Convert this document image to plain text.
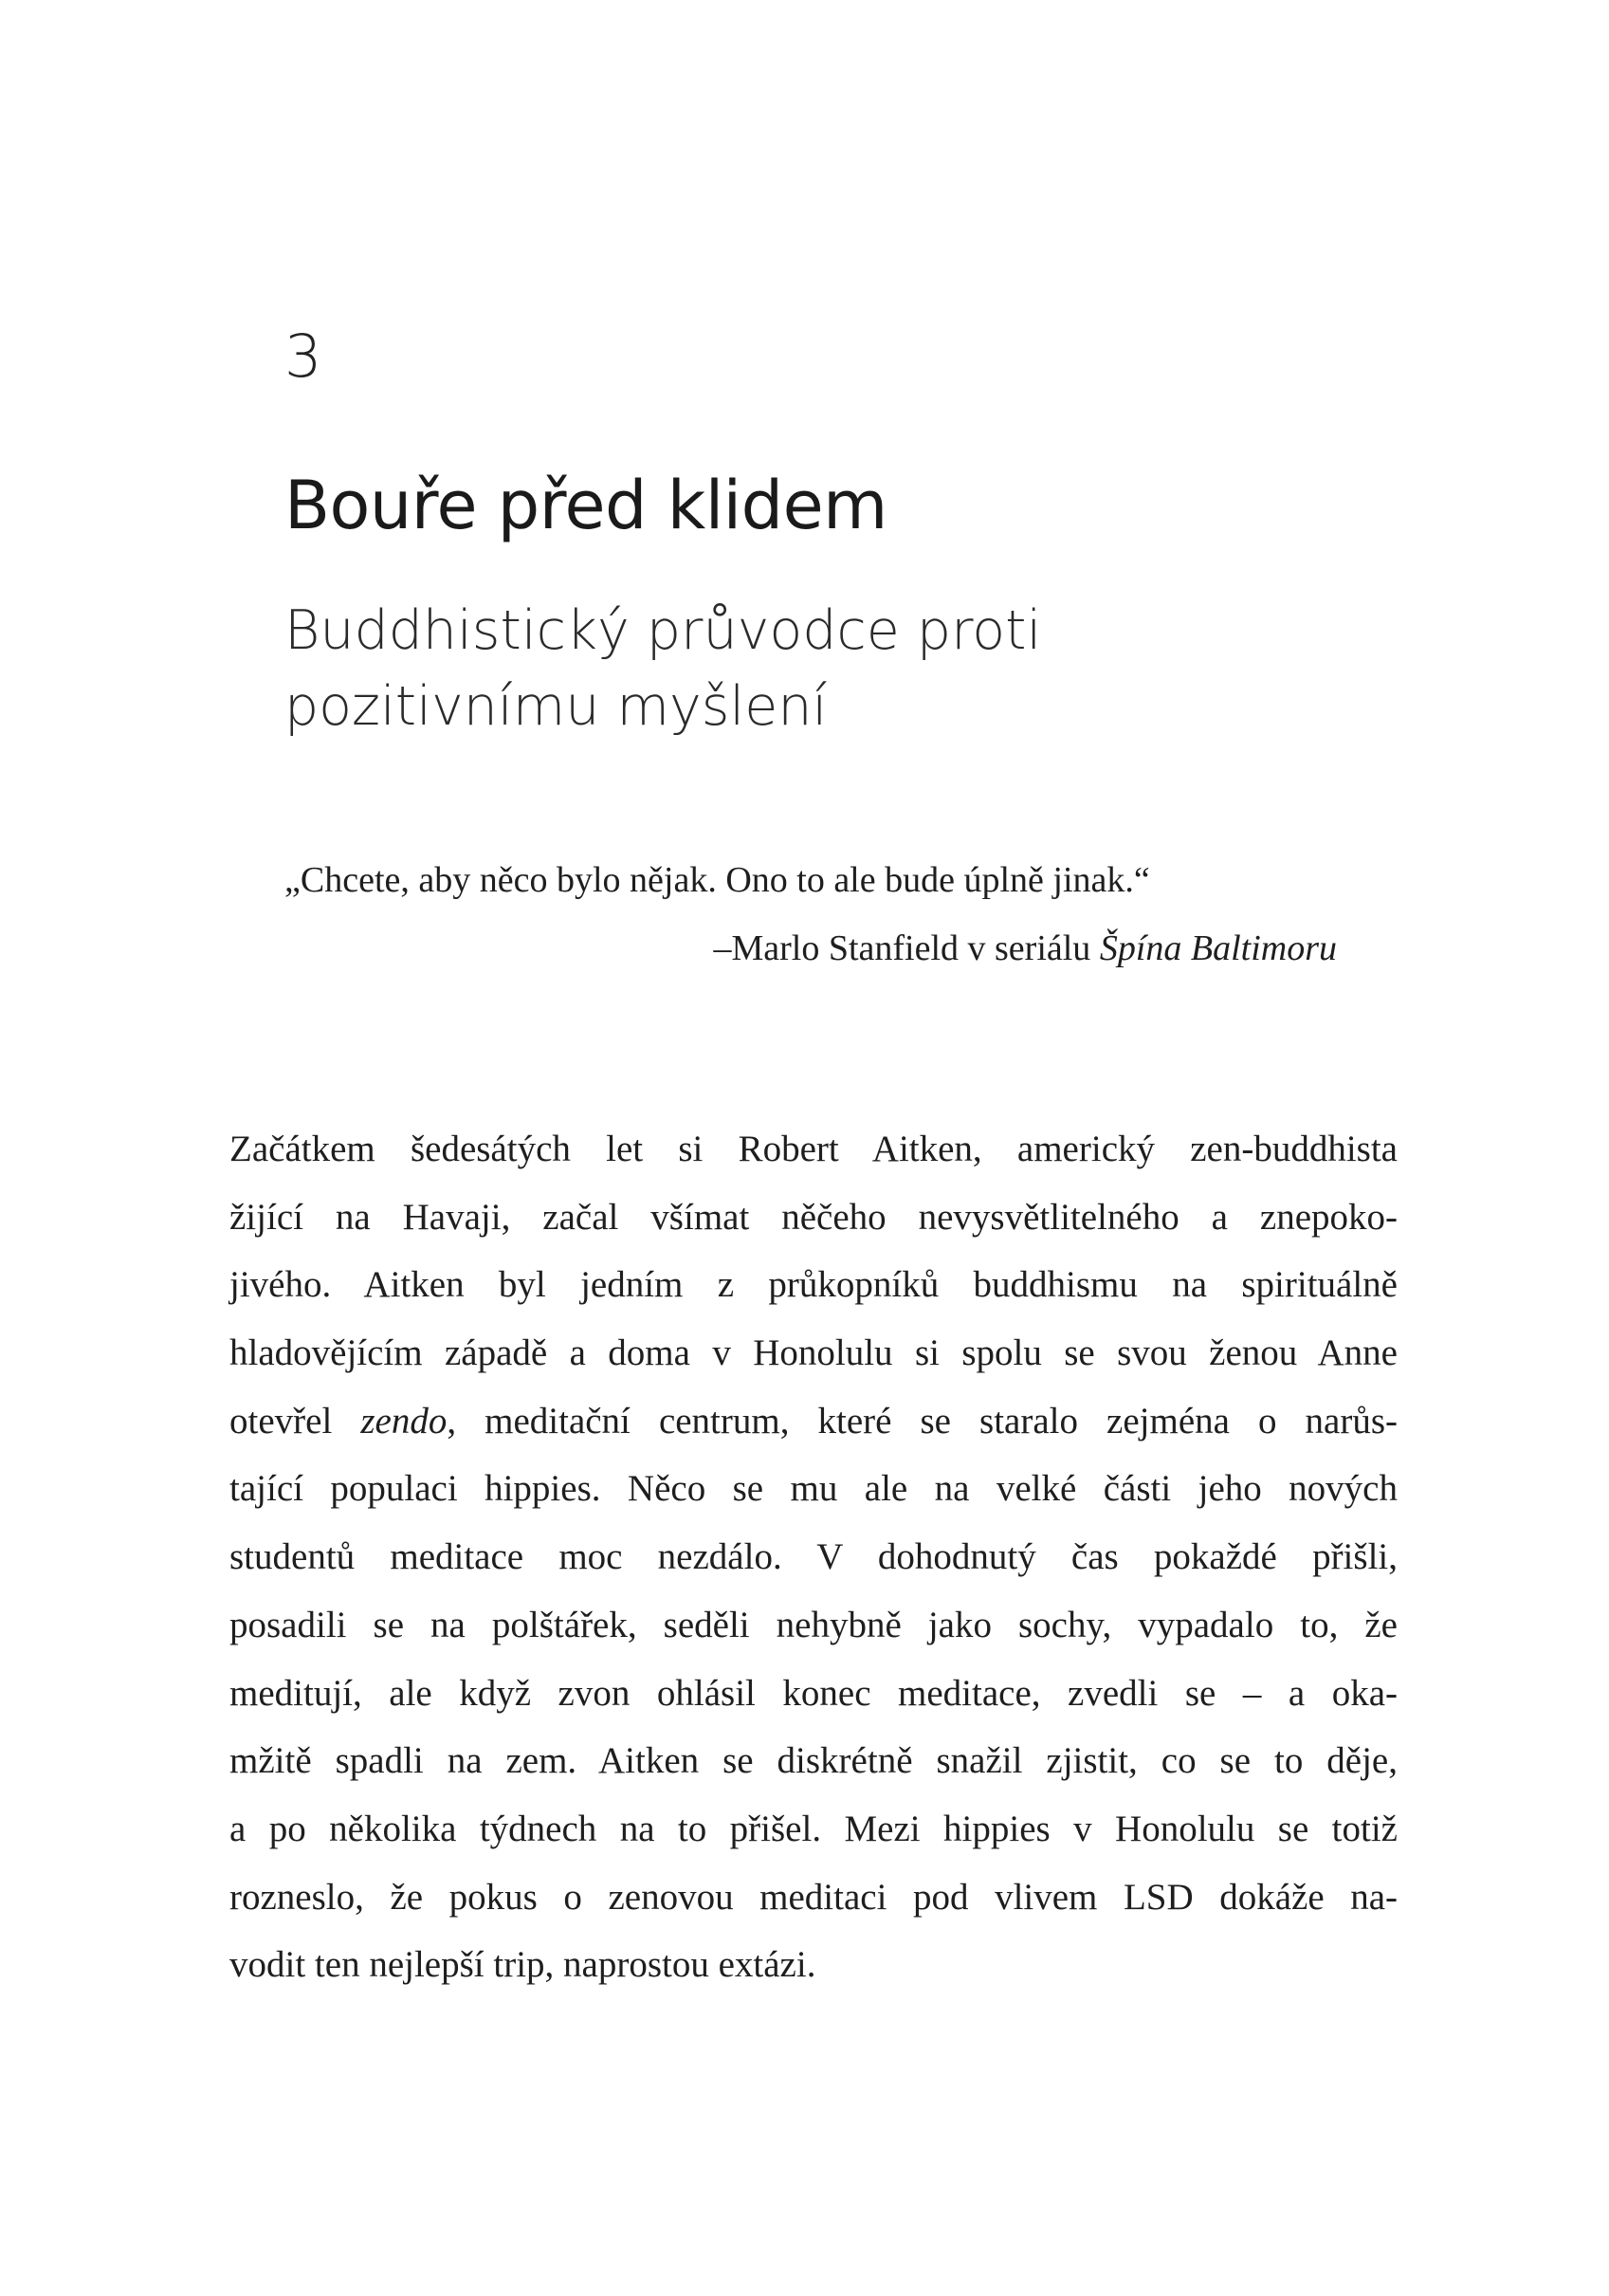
3
Bouře před klidem
Buddhistický průvodce proti
pozitivnímu myšlení
„Chcete, aby něco bylo nějak. Ono to ale bude úplně jinak.“
–Marlo Stanfield v seriálu Špína Baltimoru
Začátkem šedesátých let si Robert Aitken, americký zen-buddhista
žijící na Havaji, začal všímat něčeho nevysvětlitelného a znepoko-
jivého. Aitken byl jedním z průkopníků buddhismu na spirituálně
hladovějícím západě a doma v Honolulu si spolu se svou ženou Anne
otevřel zendo, meditační centrum, které se staralo zejména o narůs-
tající populaci hippies. Něco se mu ale na velké části jeho nových
studentů meditace moc nezdálo. V dohodnutý čas pokaždé přišli,
posadili se na polštářek, seděli nehybně jako sochy, vypadalo to, že
meditují, ale když zvon ohlásil konec meditace, zvedli se – a oka-
mžitě spadli na zem. Aitken se diskrétně snažil zjistit, co se to děje,
a po několika týdnech na to přišel. Mezi hippies v Honolulu se totiž
rozneslo, že pokus o zenovou meditaci pod vlivem LSD dokáže na-
vodit ten nejlepší trip, naprostou extázi.
